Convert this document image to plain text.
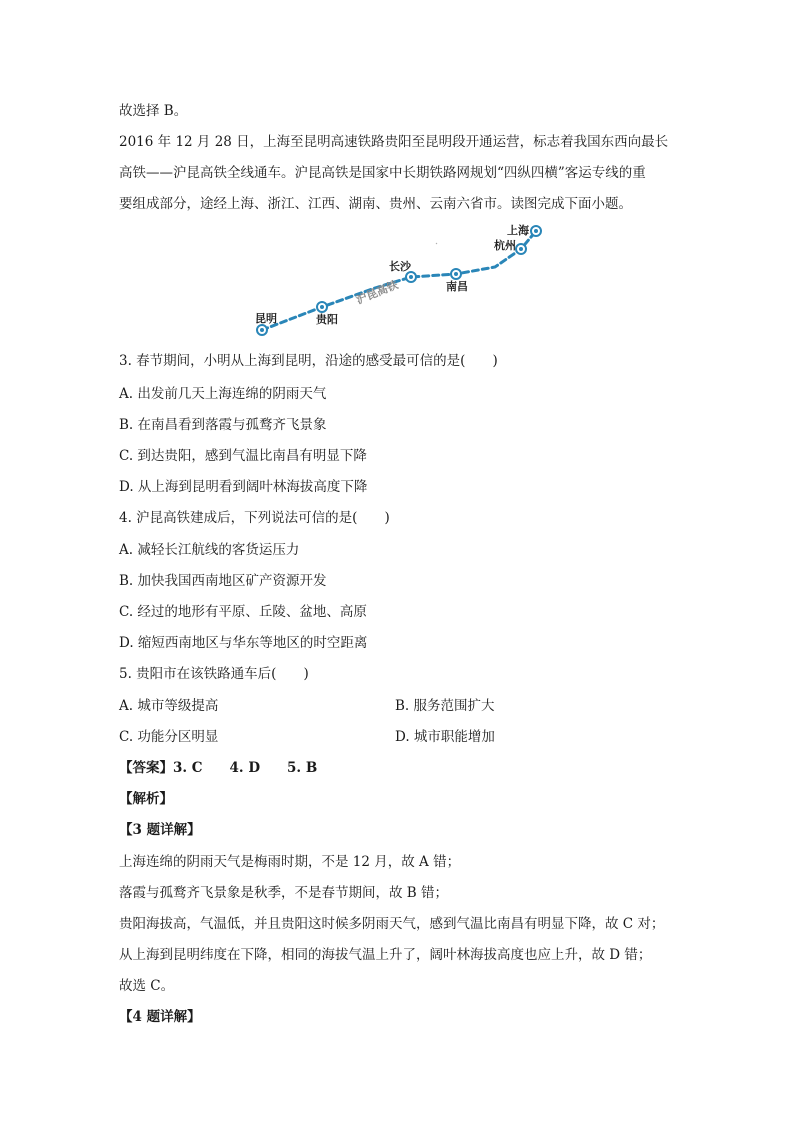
故选择 B。
2016 年 12 月 28 日，上海至昆明高速铁路贵阳至昆明段开通运营，标志着我国东西向最长
高铁——沪昆高铁全线通车。沪昆高铁是国家中长期铁路网规划“四纵四横”客运专线的重
要组成部分，途经上海、浙江、江西、湖南、贵州、云南六省市。读图完成下面小题。
沪昆高铁
昆明	贵阳
长沙
南昌
杭州
上海
3. 春节期间，小明从上海到昆明，沿途的感受最可信的是(　　)
A. 出发前几天上海连绵的阴雨天气
B. 在南昌看到落霞与孤鹜齐飞景象
C. 到达贵阳，感到气温比南昌有明显下降
D. 从上海到昆明看到阔叶林海拔高度下降
4. 沪昆高铁建成后，下列说法可信的是(　　)
A. 减轻长江航线的客货运压力
B. 加快我国西南地区矿产资源开发
C. 经过的地形有平原、丘陵、盆地、高原
D. 缩短西南地区与华东等地区的时空距离
5. 贵阳市在该铁路通车后(　　)
A. 城市等级提高	B. 服务范围扩大
C. 功能分区明显	D. 城市职能增加
【答案】3. C　　4. D　　5. B
【解析】
【3 题详解】
上海连绵的阴雨天气是梅雨时期，不是 12 月，故 A 错；
落霞与孤鹜齐飞景象是秋季，不是春节期间，故 B 错；
贵阳海拔高，气温低，并且贵阳这时候多阴雨天气，感到气温比南昌有明显下降，故 C 对；
从上海到昆明纬度在下降，相同的海拔气温上升了，阔叶林海拔高度也应上升，故 D 错；
故选 C。
【4 题详解】
